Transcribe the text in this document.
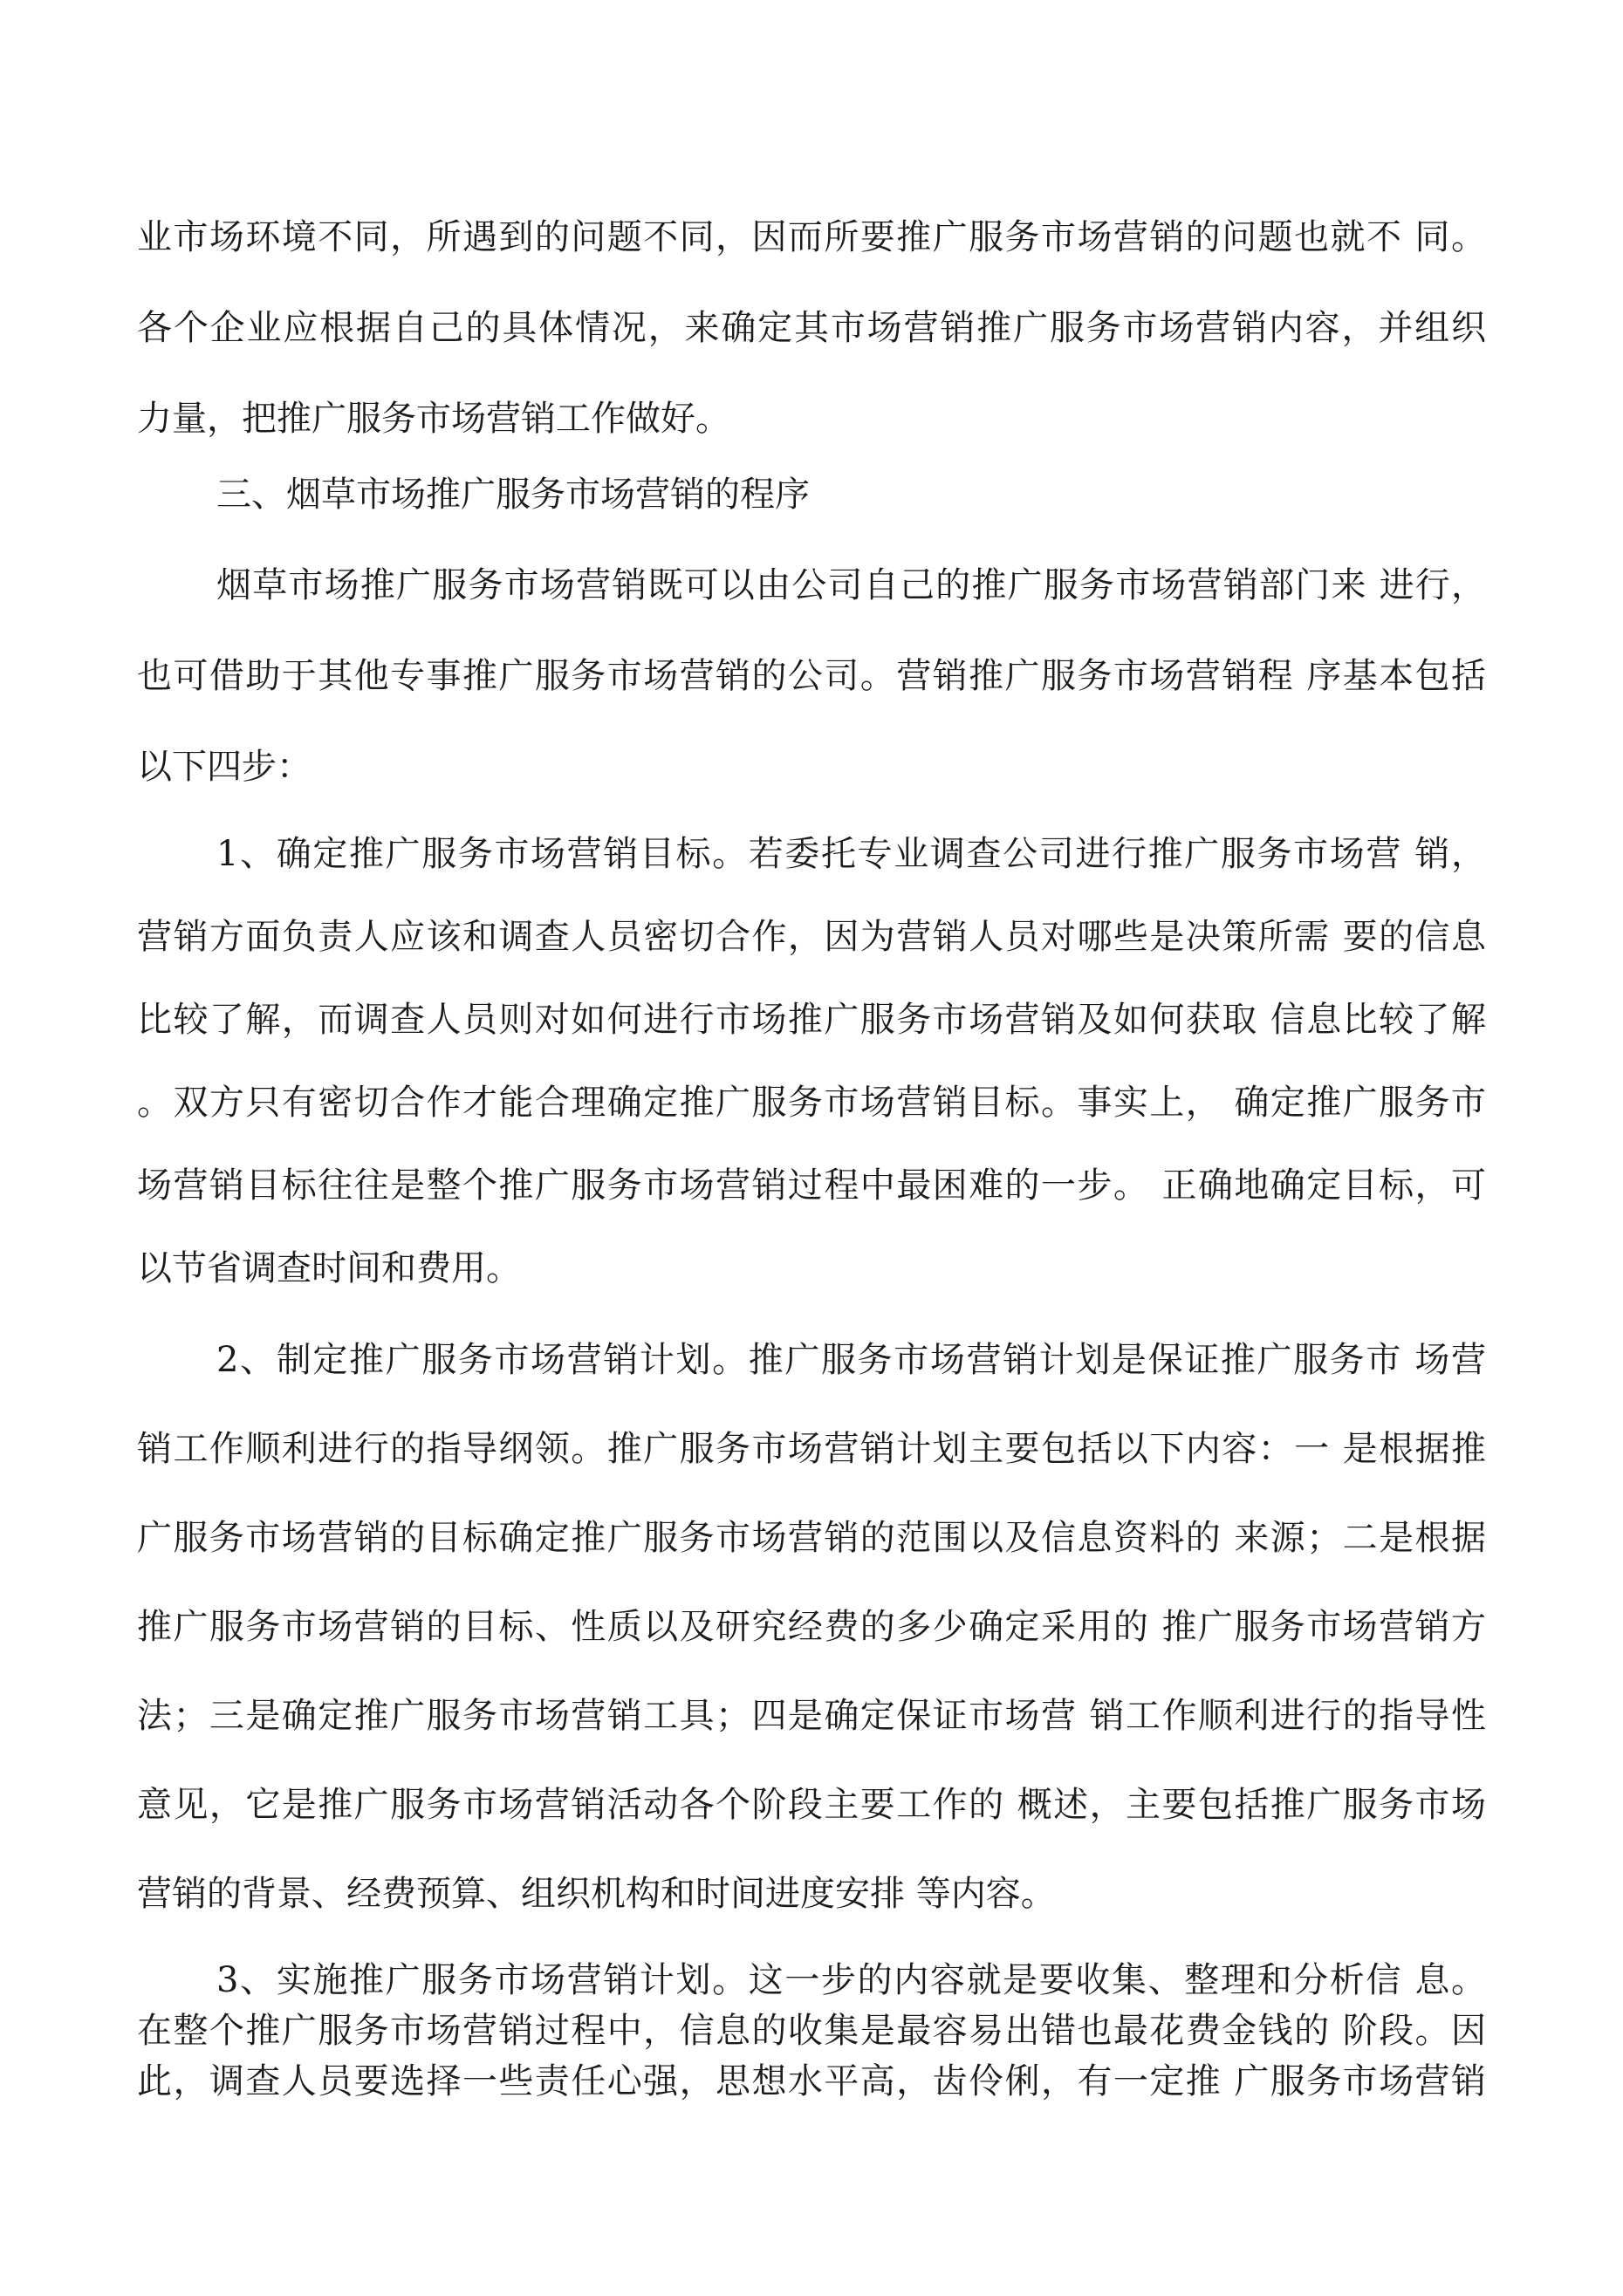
业市场环境不同，所遇到的问题不同，因而所要推广服务市场营销的问题也就不 同。
各个企业应根据自己的具体情况，来确定其市场营销推广服务市场营销内容，并组织
力量，把推广服务市场营销工作做好。
三、烟草市场推广服务市场营销的程序
烟草市场推广服务市场营销既可以由公司自己的推广服务市场营销部门来 进行，
也可借助于其他专事推广服务市场营销的公司。营销推广服务市场营销程 序基本包括
以下四步：
1、确定推广服务市场营销目标。若委托专业调查公司进行推广服务市场营 销，
营销方面负责人应该和调查人员密切合作，因为营销人员对哪些是决策所需 要的信息
比较了解，而调查人员则对如何进行市场推广服务市场营销及如何获取 信息比较了解
。双方只有密切合作才能合理确定推广服务市场营销目标。事实上， 确定推广服务市
场营销目标往往是整个推广服务市场营销过程中最困难的一步。 正确地确定目标，可
以节省调查时间和费用。
2、制定推广服务市场营销计划。推广服务市场营销计划是保证推广服务市 场营
销工作顺利进行的指导纲领。推广服务市场营销计划主要包括以下内容：一 是根据推
广服务市场营销的目标确定推广服务市场营销的范围以及信息资料的 来源；二是根据
推广服务市场营销的目标、性质以及研究经费的多少确定采用的 推广服务市场营销方
法；三是确定推广服务市场营销工具；四是确定保证市场营 销工作顺利进行的指导性
意见，它是推广服务市场营销活动各个阶段主要工作的 概述，主要包括推广服务市场
营销的背景、经费预算、组织机构和时间进度安排 等内容。
3、实施推广服务市场营销计划。这一步的内容就是要收集、整理和分析信 息。
在整个推广服务市场营销过程中，信息的收集是最容易出错也最花费金钱的 阶段。因
此，调查人员要选择一些责任心强，思想水平高，齿伶俐，有一定推 广服务市场营销
